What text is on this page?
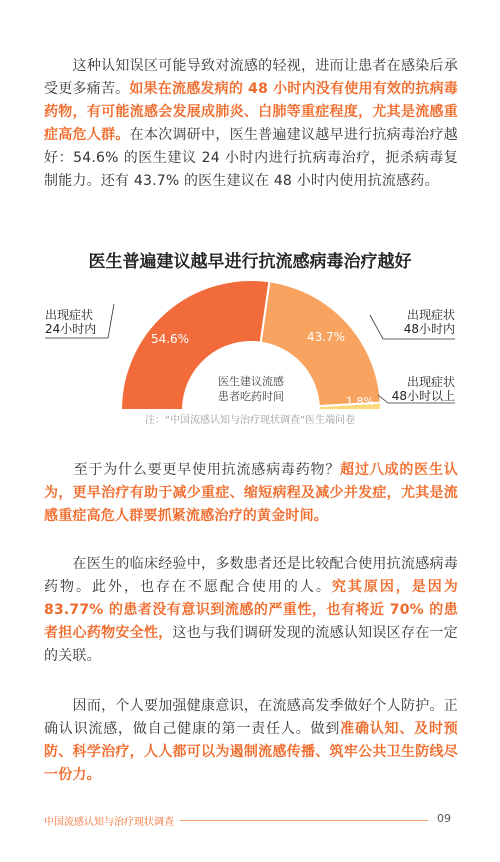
　　这种认知误区可能导致对流感的轻视，进而让患者在感染后承受更多痛苦。如果在流感发病的 48 小时内没有使用有效的抗病毒药物，有可能流感会发展成肺炎、白肺等重症程度，尤其是流感重症高危人群。在本次调研中，医生普遍建议越早进行抗病毒治疗越好：54.6% 的医生建议 24 小时内进行抗病毒治疗，扼杀病毒复制能力。还有 43.7% 的医生建议在 48 小时内使用抗流感药。
医生普遍建议越早进行抗流感病毒治疗越好
出现症状
24小时内
出现症状
48小时内
出现症状
48小时以上
54.6%	43.7%
1.8%
医生建议流感
患者吃药时间
注：“中国流感认知与治疗现状调查”医生端问卷
　　至于为什么要更早使用抗流感病毒药物？超过八成的医生认为，更早治疗有助于减少重症、缩短病程及减少并发症，尤其是流感重症高危人群要抓紧流感治疗的黄金时间。
　　在医生的临床经验中，多数患者还是比较配合使用抗流感病毒药物。此外，也存在不愿配合使用的人。究其原因，是因为 83.77% 的患者没有意识到流感的严重性，也有将近 70% 的患者担心药物安全性，这也与我们调研发现的流感认知误区存在一定的关联。
　　因而，个人要加强健康意识，在流感高发季做好个人防护。正确认识流感，做自己健康的第一责任人。做到准确认知、及时预防、科学治疗，人人都可以为遏制流感传播、筑牢公共卫生防线尽一份力。
中国流感认知与治疗现状调查	09
